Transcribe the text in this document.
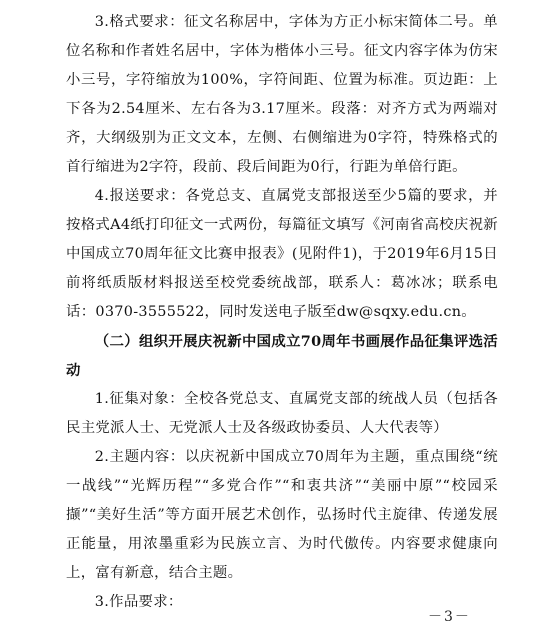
3.格式要求：征文名称居中，字体为方正小标宋简体二号。单位名称和作者姓名居中，字体为楷体小三号。征文内容字体为仿宋小三号，字符缩放为100%，字符间距、位置为标准。页边距：上下各为2.54厘米、左右各为3.17厘米。段落：对齐方式为两端对齐，大纲级别为正文文本，左侧、右侧缩进为0字符，特殊格式的首行缩进为2字符，段前、段后间距为0行，行距为单倍行距。

4.报送要求：各党总支、直属党支部报送至少5篇的要求，并按格式A4纸打印征文一式两份，每篇征文填写《河南省高校庆祝新中国成立70周年征文比赛申报表》(见附件1)，于2019年6月15日前将纸质版材料报送至校党委统战部，联系人：葛冰冰；联系电话：0370-3555522，同时发送电子版至dw@sqxy.edu.cn。

（二）组织开展庆祝新中国成立70周年书画展作品征集评选活动

1.征集对象：全校各党总支、直属党支部的统战人员（包括各民主党派人士、无党派人士及各级政协委员、人大代表等）

2.主题内容：以庆祝新中国成立70周年为主题，重点围绕“统一战线”“光辉历程”“多党合作”“和衷共济”“美丽中原”“校园采撷”“美好生活”等方面开展艺术创作，弘扬时代主旋律、传递发展正能量，用浓墨重彩为民族立言、为时代傲传。内容要求健康向上，富有新意，结合主题。

3.作品要求：

－3－
